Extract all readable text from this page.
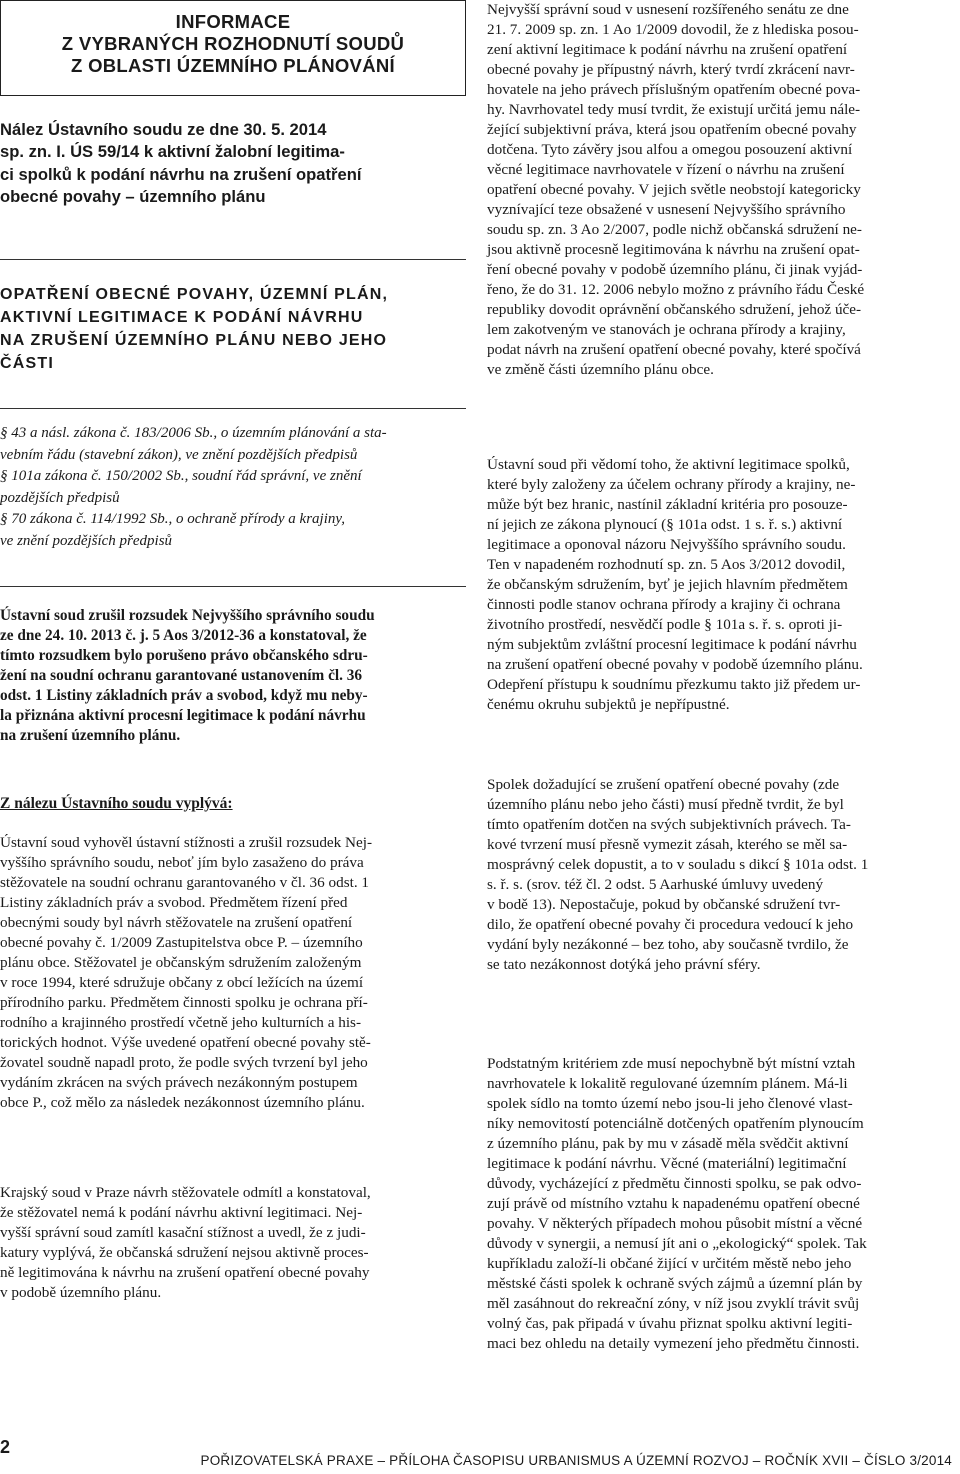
INFORMACE
Z VYBRANÝCH ROZHODNUTÍ SOUDŮ
Z OBLASTI ÚZEMNÍHO PLÁNOVÁNÍ
Nález Ústavního soudu ze dne 30. 5. 2014
sp. zn. I. ÚS 59/14 k aktivní žalobní legitima-
ci spolků k podání návrhu na zrušení opatření
obecné povahy – územního plánu
OPATŘENÍ OBECNÉ POVAHY, ÚZEMNÍ PLÁN,
AKTIVNÍ LEGITIMACE K PODÁNÍ NÁVRHU
NA ZRUŠENÍ ÚZEMNÍHO PLÁNU NEBO JEHO
ČÁSTI
§ 43 a násl. zákona č. 183/2006 Sb., o územním plánování a sta-
vebním řádu (stavební zákon), ve znění pozdějších předpisů
§ 101a zákona č. 150/2002 Sb., soudní řád správní, ve znění
pozdějších předpisů
§ 70 zákona č. 114/1992 Sb., o ochraně přírody a krajiny,
ve znění pozdějších předpisů
Ústavní soud zrušil rozsudek Nejvyššího správního soudu
ze dne 24. 10. 2013 č. j. 5 Aos 3/2012-36 a konstatoval, že
tímto rozsudkem bylo porušeno právo občanského sdru-
žení na soudní ochranu garantované ustanovením čl. 36
odst. 1 Listiny základních práv a svobod, když mu neby-
la přiznána aktivní procesní legitimace k podání návrhu
na zrušení územního plánu.
Z nálezu Ústavního soudu vyplývá:
Ústavní soud vyhověl ústavní stížnosti a zrušil rozsudek Nej-
vyššího správního soudu, neboť jím bylo zasaženo do práva
stěžovatele na soudní ochranu garantovaného v čl. 36 odst. 1
Listiny základních práv a svobod. Předmětem řízení před
obecnými soudy byl návrh stěžovatele na zrušení opatření
obecné povahy č. 1/2009 Zastupitelstva obce P. – územního
plánu obce. Stěžovatel je občanským sdružením založeným
v roce 1994, které sdružuje občany z obcí ležících na území
přírodního parku. Předmětem činnosti spolku je ochrana pří-
rodního a krajinného prostředí včetně jeho kulturních a his-
torických hodnot. Výše uvedené opatření obecné povahy stě-
žovatel soudně napadl proto, že podle svých tvrzení byl jeho
vydáním zkrácen na svých právech nezákonným postupem
obce P., což mělo za následek nezákonnost územního plánu.
Krajský soud v Praze návrh stěžovatele odmítl a konstatoval,
že stěžovatel nemá k podání návrhu aktivní legitimaci. Nej-
vyšší správní soud zamítl kasační stížnost a uvedl, že z judi-
katury vyplývá, že občanská sdružení nejsou aktivně proces-
ně legitimována k návrhu na zrušení opatření obecné povahy
v podobě územního plánu.
Nejvyšší správní soud v usnesení rozšířeného senátu ze dne
21. 7. 2009 sp. zn. 1 Ao 1/2009 dovodil, že z hlediska posou-
zení aktivní legitimace k podání návrhu na zrušení opatření
obecné povahy je přípustný návrh, který tvrdí zkrácení navr-
hovatele na jeho právech příslušným opatřením obecné pova-
hy. Navrhovatel tedy musí tvrdit, že existují určitá jemu nále-
žející subjektivní práva, která jsou opatřením obecné povahy
dotčena. Tyto závěry jsou alfou a omegou posouzení aktivní
věcné legitimace navrhovatele v řízení o návrhu na zrušení
opatření obecné povahy. V jejich světle neobstojí kategoricky
vyznívající teze obsažené v usnesení Nejvyššího správního
soudu sp. zn. 3 Ao 2/2007, podle nichž občanská sdružení ne-
jsou aktivně procesně legitimována k návrhu na zrušení opat-
ření obecné povahy v podobě územního plánu, či jinak vyjád-
řeno, že do 31. 12. 2006 nebylo možno z právního řádu České
republiky dovodit oprávnění občanského sdružení, jehož úče-
lem zakotveným ve stanovách je ochrana přírody a krajiny,
podat návrh na zrušení opatření obecné povahy, které spočívá
ve změně části územního plánu obce.
Ústavní soud při vědomí toho, že aktivní legitimace spolků,
které byly založeny za účelem ochrany přírody a krajiny, ne-
může být bez hranic, nastínil základní kritéria pro posouze-
ní jejich ze zákona plynoucí (§ 101a odst. 1 s. ř. s.) aktivní
legitimace a oponoval názoru Nejvyššího správního soudu.
Ten v napadeném rozhodnutí sp. zn. 5 Aos 3/2012 dovodil,
že občanským sdružením, byť je jejich hlavním předmětem
činnosti podle stanov ochrana přírody a krajiny či ochrana
životního prostředí, nesvědčí podle § 101a s. ř. s. oproti ji-
ným subjektům zvláštní procesní legitimace k podání návrhu
na zrušení opatření obecné povahy v podobě územního plánu.
Odepření přístupu k soudnímu přezkumu takto již předem ur-
čenému okruhu subjektů je nepřípustné.
Spolek dožadující se zrušení opatření obecné povahy (zde
územního plánu nebo jeho části) musí předně tvrdit, že byl
tímto opatřením dotčen na svých subjektivních právech. Ta-
kové tvrzení musí přesně vymezit zásah, kterého se měl sa-
mosprávný celek dopustit, a to v souladu s dikcí § 101a odst. 1
s. ř. s. (srov. též čl. 2 odst. 5 Aarhuské úmluvy uvedený
v bodě 13). Nepostačuje, pokud by občanské sdružení tvr-
dilo, že opatření obecné povahy či procedura vedoucí k jeho
vydání byly nezákonné – bez toho, aby současně tvrdilo, že
se tato nezákonnost dotýká jeho právní sféry.
Podstatným kritériem zde musí nepochybně být místní vztah
navrhovatele k lokalitě regulované územním plánem. Má-li
spolek sídlo na tomto území nebo jsou-li jeho členové vlast-
níky nemovitostí potenciálně dotčených opatřením plynoucím
z územního plánu, pak by mu v zásadě měla svědčit aktivní
legitimace k podání návrhu. Věcné (materiální) legitimační
důvody, vycházející z předmětu činnosti spolku, se pak odvo-
zují právě od místního vztahu k napadenému opatření obecné
povahy. V některých případech mohou působit místní a věcné
důvody v synergii, a nemusí jít ani o „ekologický“ spolek. Tak
kupříkladu založí-li občané žijící v určitém městě nebo jeho
městské části spolek k ochraně svých zájmů a územní plán by
měl zasáhnout do rekreační zóny, v níž jsou zvyklí trávit svůj
volný čas, pak připadá v úvahu přiznat spolku aktivní legiti-
maci bez ohledu na detaily vymezení jeho předmětu činnosti.
2
POŘIZOVATELSKÁ PRAXE – PŘÍLOHA ČASOPISU URBANISMUS A ÚZEMNÍ ROZVOJ – ROČNÍK XVII – ČÍSLO 3/2014
